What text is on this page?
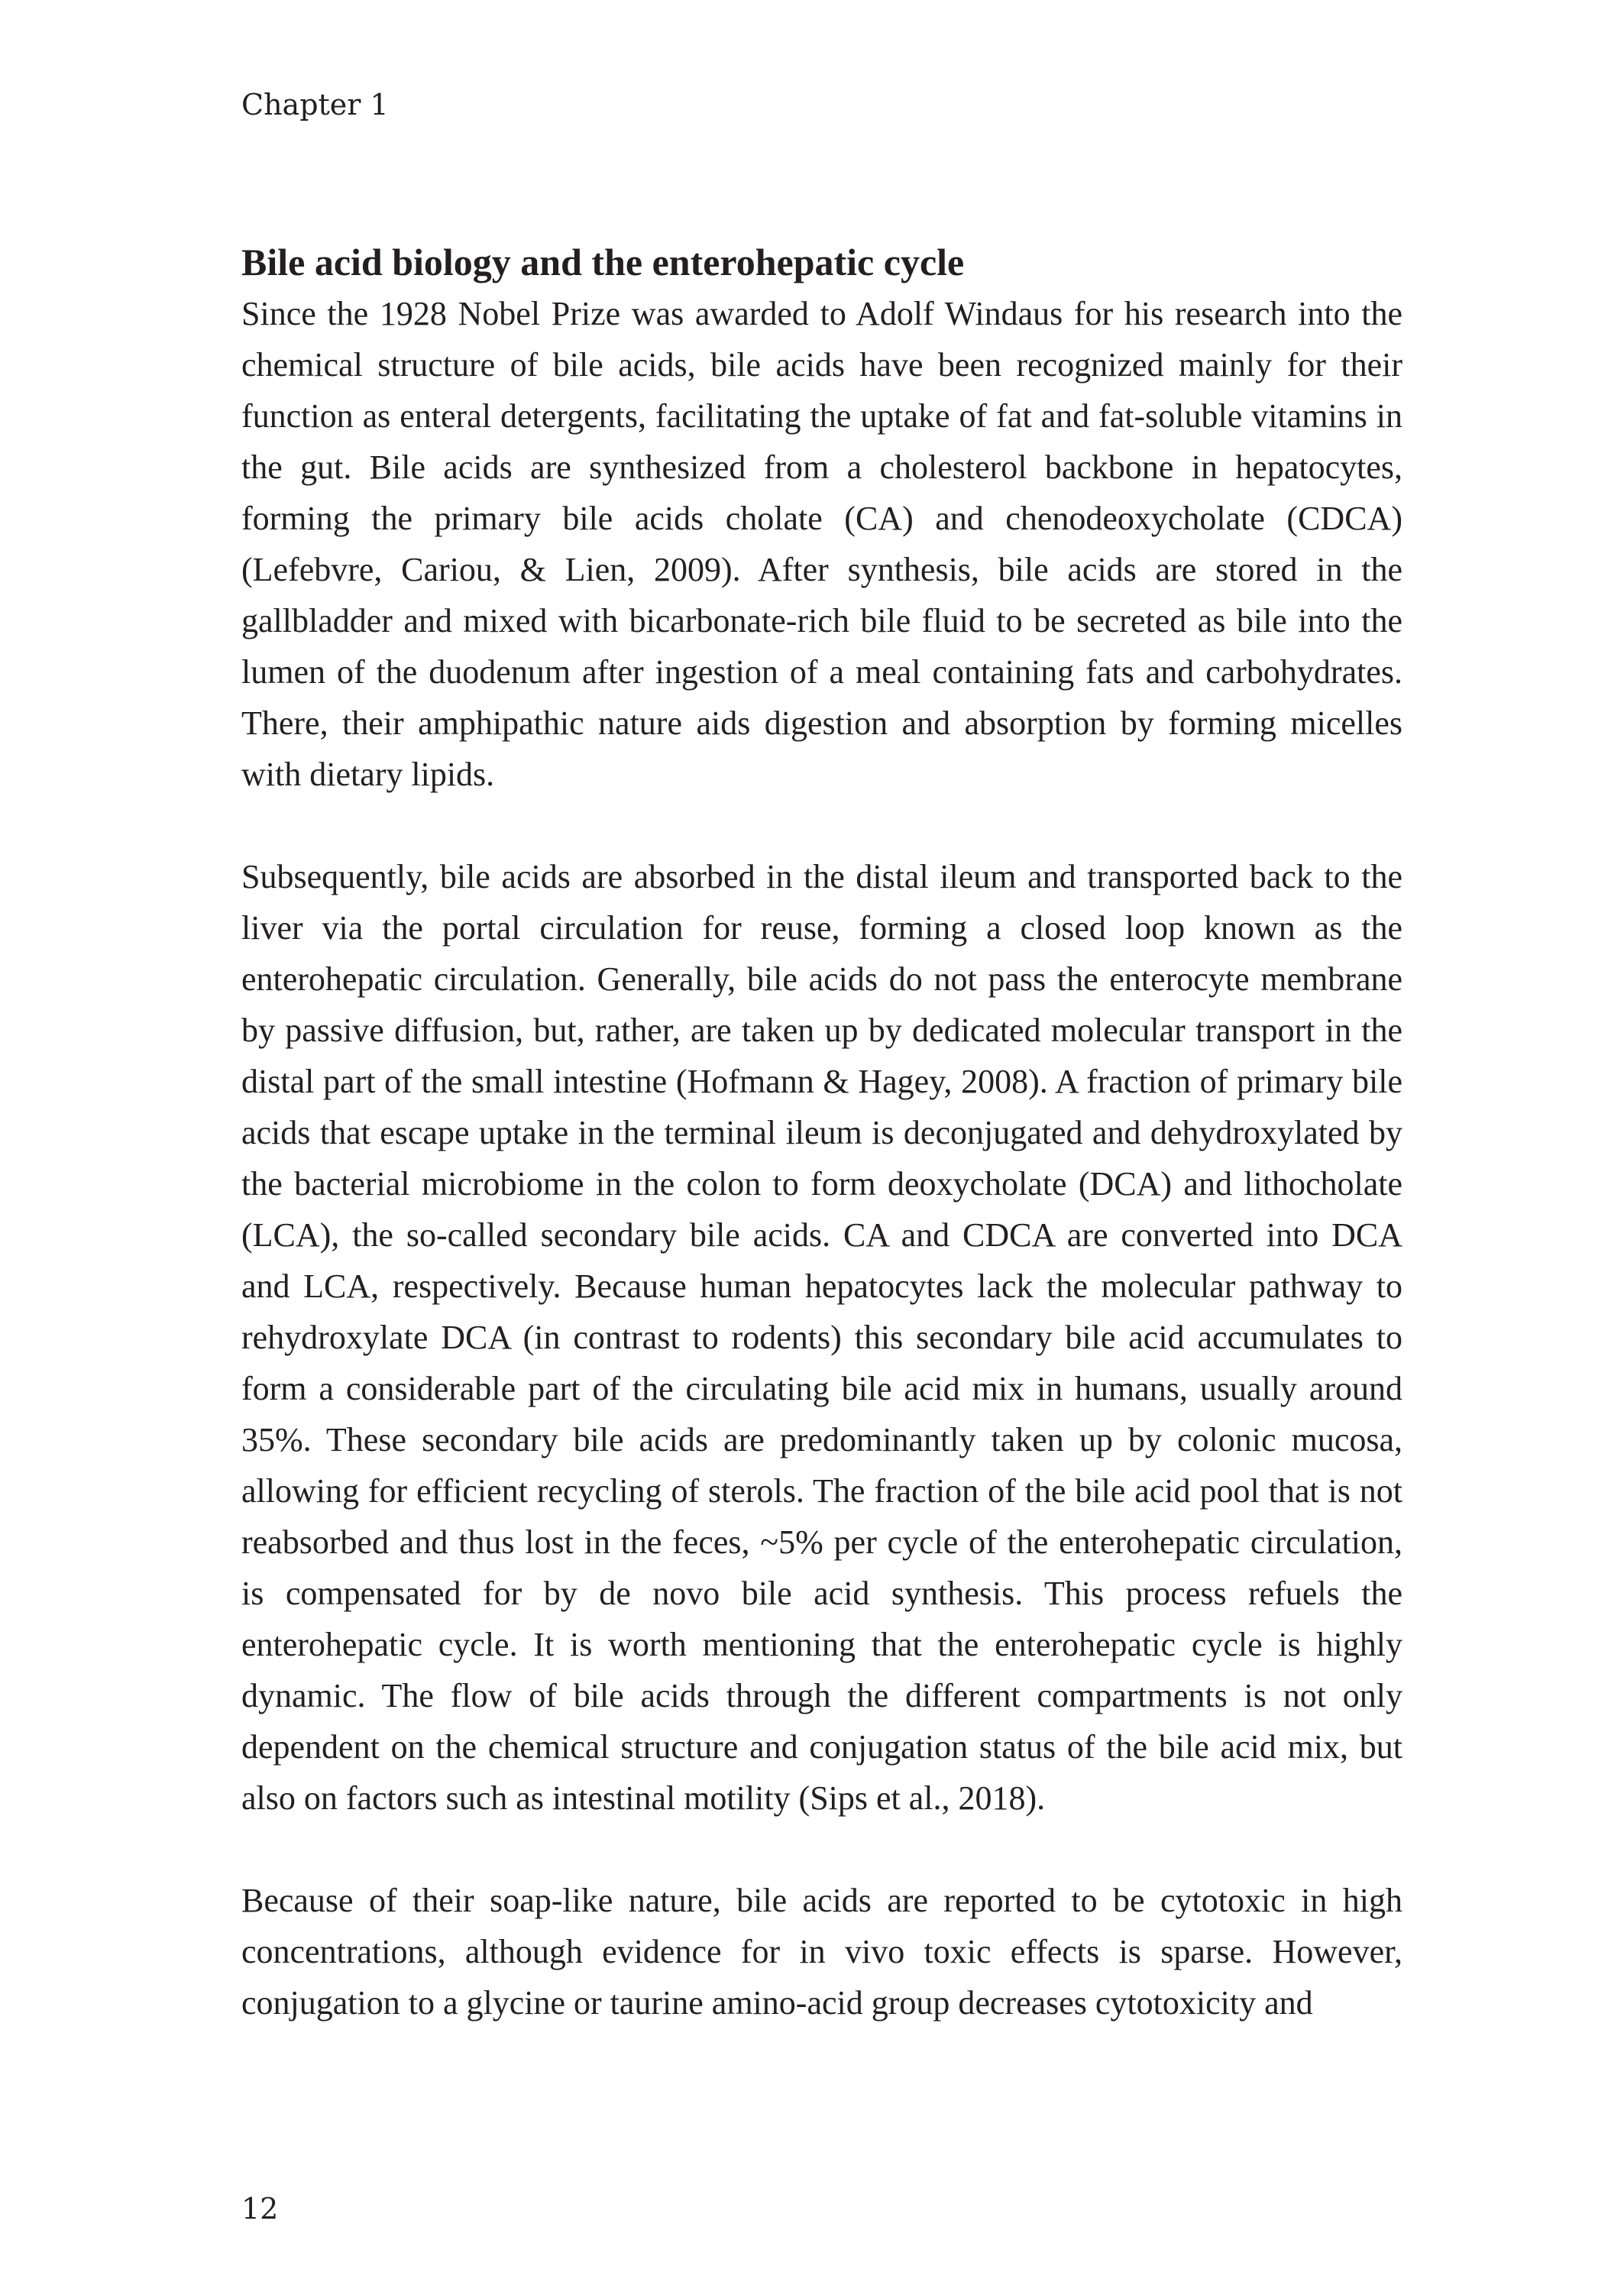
Chapter 1
Bile acid biology and the enterohepatic cycle

Since the 1928 Nobel Prize was awarded to Adolf Windaus for his research into the chemical structure of bile acids, bile acids have been recognized mainly for their function as enteral detergents, facilitating the uptake of fat and fat-soluble vitamins in the gut. Bile acids are synthesized from a cholesterol backbone in hepatocytes, forming the primary bile acids cholate (CA) and chenodeoxycholate (CDCA) (Lefebvre, Cariou, & Lien, 2009). After synthesis, bile acids are stored in the gallbladder and mixed with bicarbonate-rich bile fluid to be secreted as bile into the lumen of the duodenum after ingestion of a meal containing fats and carbohydrates. There, their amphipathic nature aids digestion and absorption by forming micelles with dietary lipids.

Subsequently, bile acids are absorbed in the distal ileum and transported back to the liver via the portal circulation for reuse, forming a closed loop known as the enterohepatic circulation. Generally, bile acids do not pass the enterocyte membrane by passive diffusion, but, rather, are taken up by dedicated molecular transport in the distal part of the small intestine (Hofmann & Hagey, 2008). A fraction of primary bile acids that escape uptake in the terminal ileum is deconjugated and dehydroxylated by the bacterial microbiome in the colon to form deoxycholate (DCA) and lithocholate (LCA), the so-called secondary bile acids. CA and CDCA are converted into DCA and LCA, respectively. Because human hepatocytes lack the molecular pathway to rehydroxylate DCA (in contrast to rodents) this secondary bile acid accumulates to form a considerable part of the circulating bile acid mix in humans, usually around 35%. These secondary bile acids are predominantly taken up by colonic mucosa, allowing for efficient recycling of sterols. The fraction of the bile acid pool that is not reabsorbed and thus lost in the feces, ~5% per cycle of the enterohepatic circulation, is compensated for by de novo bile acid synthesis. This process refuels the enterohepatic cycle. It is worth mentioning that the enterohepatic cycle is highly dynamic. The flow of bile acids through the different compartments is not only dependent on the chemical structure and conjugation status of the bile acid mix, but also on factors such as intestinal motility (Sips et al., 2018).

Because of their soap-like nature, bile acids are reported to be cytotoxic in high concentrations, although evidence for in vivo toxic effects is sparse. However, conjugation to a glycine or taurine amino-acid group decreases cytotoxicity and

12
